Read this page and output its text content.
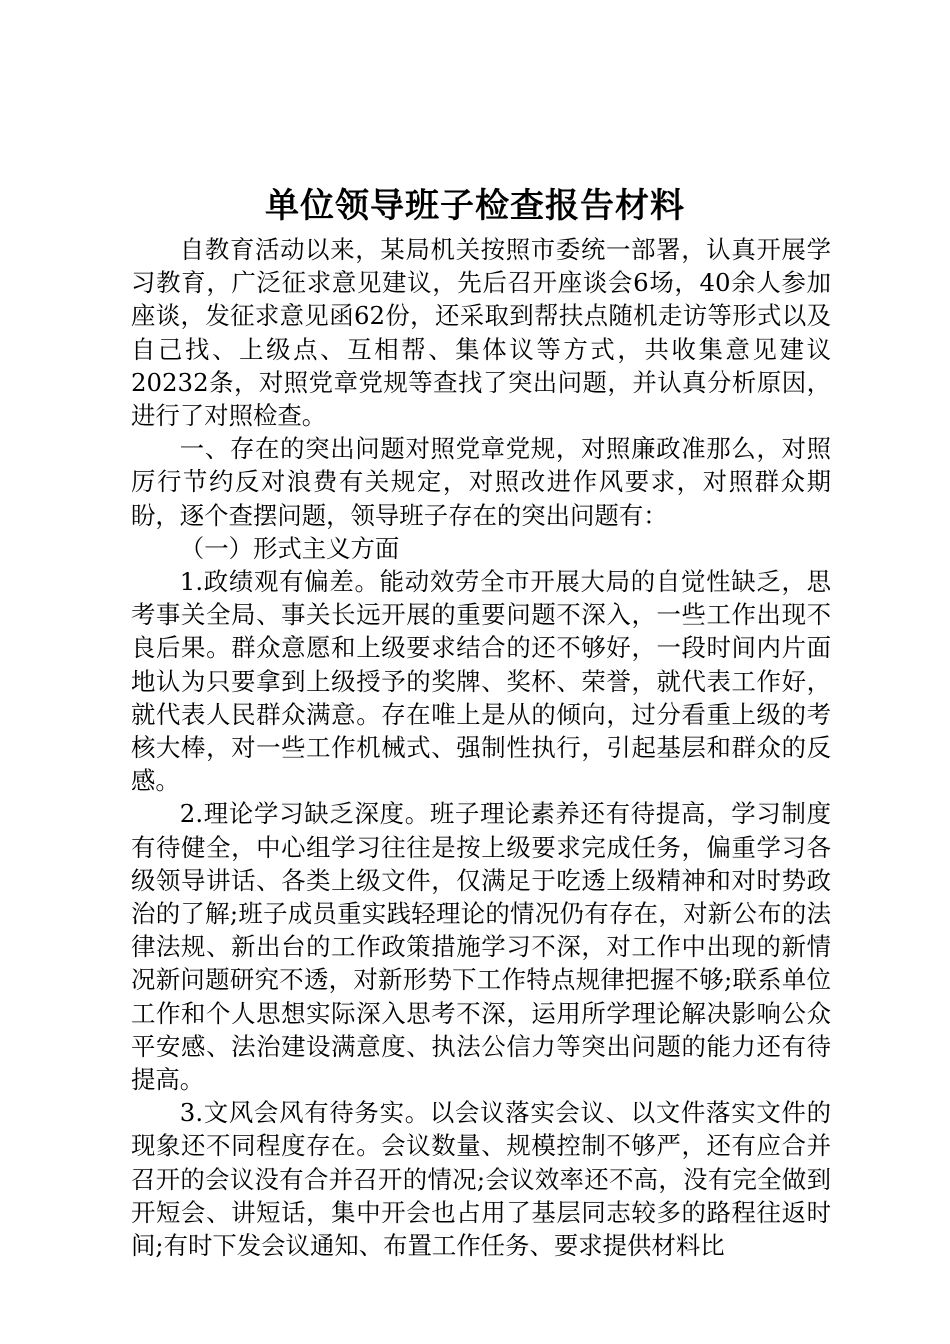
单位领导班子检查报告材料

自教育活动以来，某局机关按照市委统一部署，认真开展学习教育，广泛征求意见建议，先后召开座谈会6场，40余人参加座谈，发征求意见函62份，还采取到帮扶点随机走访等形式以及自己找、上级点、互相帮、集体议等方式，共收集意见建议20232条，对照党章党规等查找了突出问题，并认真分析原因，进行了对照检查。

一、存在的突出问题对照党章党规，对照廉政准那么，对照厉行节约反对浪费有关规定，对照改进作风要求，对照群众期盼，逐个查摆问题，领导班子存在的突出问题有：

（一）形式主义方面

1.政绩观有偏差。能动效劳全市开展大局的自觉性缺乏，思考事关全局、事关长远开展的重要问题不深入，一些工作出现不良后果。群众意愿和上级要求结合的还不够好，一段时间内片面地认为只要拿到上级授予的奖牌、奖杯、荣誉，就代表工作好，就代表人民群众满意。存在唯上是从的倾向，过分看重上级的考核大棒，对一些工作机械式、强制性执行，引起基层和群众的反感。

2.理论学习缺乏深度。班子理论素养还有待提高，学习制度有待健全，中心组学习往往是按上级要求完成任务，偏重学习各级领导讲话、各类上级文件，仅满足于吃透上级精神和对时势政治的了解;班子成员重实践轻理论的情况仍有存在，对新公布的法律法规、新出台的工作政策措施学习不深，对工作中出现的新情况新问题研究不透，对新形势下工作特点规律把握不够;联系单位工作和个人思想实际深入思考不深，运用所学理论解决影响公众平安感、法治建设满意度、执法公信力等突出问题的能力还有待提高。

3.文风会风有待务实。以会议落实会议、以文件落实文件的现象还不同程度存在。会议数量、规模控制不够严，还有应合并召开的会议没有合并召开的情况;会议效率还不高，没有完全做到开短会、讲短话，集中开会也占用了基层同志较多的路程往返时间;有时下发会议通知、布置工作任务、要求提供材料比
